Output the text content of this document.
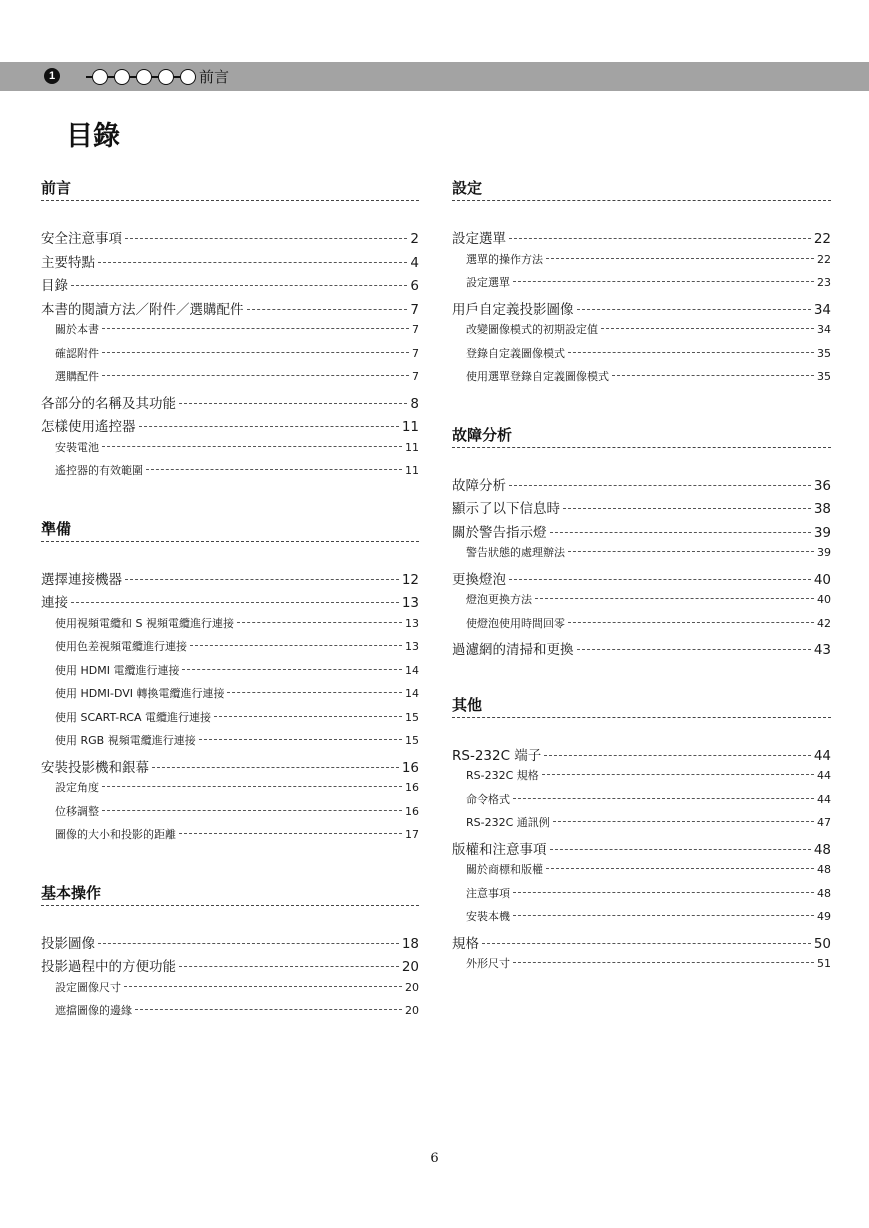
1	前言
目錄
前言
安全注意事項	2
主要特點	4
目錄	6
本書的閱讀方法／附件／選購配件	7
關於本書	7
確認附件	7
選購配件	7
各部分的名稱及其功能	8
怎樣使用遙控器	11
安裝電池	11
遙控器的有效範圍	11
準備
選擇連接機器	12
連接	13
使用視頻電纜和 S 視頻電纜進行連接	13
使用色差視頻電纜進行連接	13
使用 HDMI 電纜進行連接	14
使用 HDMI-DVI 轉換電纜進行連接	14
使用 SCART-RCA 電纜進行連接	15
使用 RGB 視頻電纜進行連接	15
安裝投影機和銀幕	16
設定角度	16
位移調整	16
圖像的大小和投影的距離	17
基本操作
投影圖像	18
投影過程中的方便功能	20
設定圖像尺寸	20
遮擋圖像的邊緣	20
設定
設定選單	22
選單的操作方法	22
設定選單	23
用戶自定義投影圖像	34
改變圖像模式的初期設定值	34
登錄自定義圖像模式	35
使用選單登錄自定義圖像模式	35
故障分析
故障分析	36
顯示了以下信息時	38
關於警告指示燈	39
警告狀態的處理辦法	39
更換燈泡	40
燈泡更換方法	40
使燈泡使用時間回零	42
過濾網的清掃和更換	43
其他
RS-232C 端子	44
RS-232C 規格	44
命令格式	44
RS-232C 通訊例	47
版權和注意事項	48
關於商標和版權	48
注意事項	48
安裝本機	49
規格	50
外形尺寸	51
6
